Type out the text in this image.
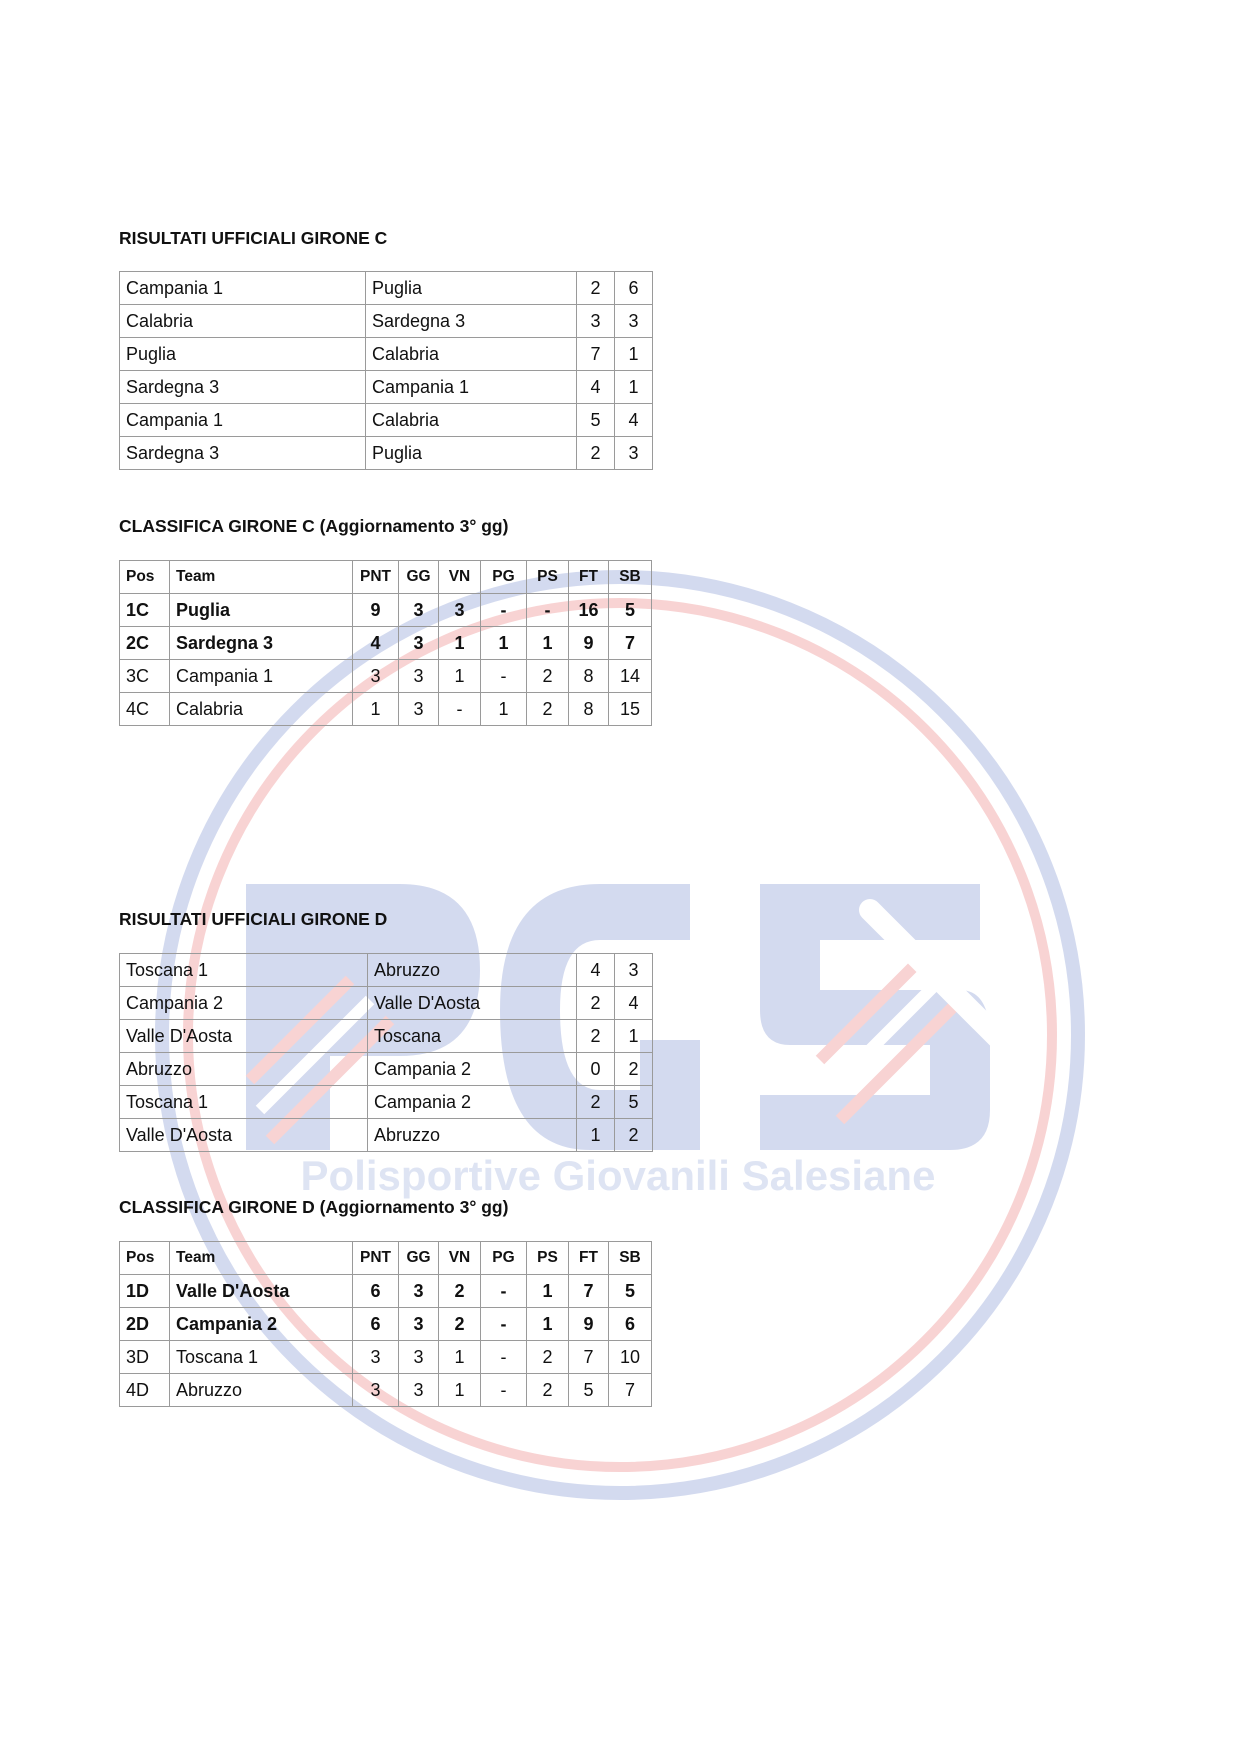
Polisportive Giovanili Salesiane
RISULTATI UFFICIALI GIRONE C
Campania 1	Puglia	2	6
Calabria	Sardegna 3	3	3
Puglia	Calabria	7	1
Sardegna 3	Campania 1	4	1
Campania 1	Calabria	5	4
Sardegna 3	Puglia	2	3
CLASSIFICA GIRONE C (Aggiornamento 3° gg)
Pos	Team	PNT	GG	VN	PG	PS	FT	SB
1C	Puglia	9	3	3	-	-	16	5
2C	Sardegna 3	4	3	1	1	1	9	7
3C	Campania 1	3	3	1	-	2	8	14
4C	Calabria	1	3	-	1	2	8	15
RISULTATI UFFICIALI GIRONE D
Toscana 1	Abruzzo	4	3
Campania 2	Valle D'Aosta	2	4
Valle D'Aosta	Toscana	2	1
Abruzzo	Campania 2	0	2
Toscana 1	Campania 2	2	5
Valle D'Aosta	Abruzzo	1	2
CLASSIFICA GIRONE D (Aggiornamento 3° gg)
Pos	Team	PNT	GG	VN	PG	PS	FT	SB
1D	Valle D'Aosta	6	3	2	-	1	7	5
2D	Campania 2	6	3	2	-	1	9	6
3D	Toscana 1	3	3	1	-	2	7	10
4D	Abruzzo	3	3	1	-	2	5	7
